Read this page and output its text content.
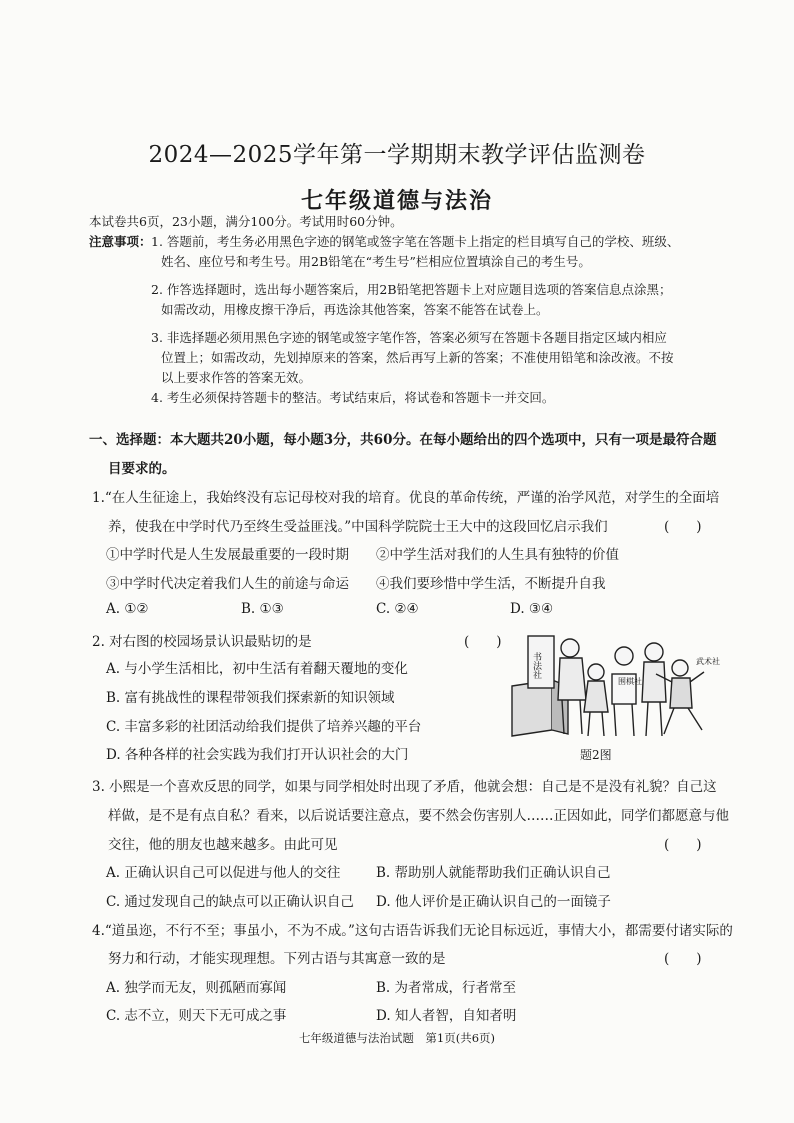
2024—2025学年第一学期期末教学评估监测卷
七年级道德与法治
本试卷共6页，23小题，满分100分。考试用时60分钟。
注意事项： 1. 答题前，考生务必用黑色字迹的钢笔或签字笔在答题卡上指定的栏目填写自己的学校、班级、
姓名、座位号和考生号。用2B铅笔在“考生号”栏相应位置填涂自己的考生号。
2. 作答选择题时，选出每小题答案后，用2B铅笔把答题卡上对应题目选项的答案信息点涂黑；
如需改动，用橡皮擦干净后，再选涂其他答案，答案不能答在试卷上。
3. 非选择题必须用黑色字迹的钢笔或签字笔作答，答案必须写在答题卡各题目指定区域内相应
位置上；如需改动，先划掉原来的答案，然后再写上新的答案；不准使用铅笔和涂改液。不按
以上要求作答的答案无效。
4. 考生必须保持答题卡的整洁。考试结束后，将试卷和答题卡一并交回。
一、选择题：本大题共20小题，每小题3分，共60分。在每小题给出的四个选项中，只有一项是最符合题
目要求的。
1.“在人生征途上，我始终没有忘记母校对我的培育。优良的革命传统，严谨的治学风范，对学生的全面培
养，使我在中学时代乃至终生受益匪浅。”中国科学院院士王大中的这段回忆启示我们	(　　)
①中学时代是人生发展最重要的一段时期 ②中学生活对我们的人生具有独特的价值
③中学时代决定着我们人生的前途与命运 ④我们要珍惜中学生活，不断提升自我
A. ①②	B. ①③	C. ②④	D. ③④
2. 对右图的校园场景认识最贴切的是	(　　)
A. 与小学生活相比，初中生活有着翻天覆地的变化
B. 富有挑战性的课程带领我们探索新的知识领域
C. 丰富多彩的社团活动给我们提供了培养兴趣的平台
D. 各种各样的社会实践为我们打开认识社会的大门
书法社
围棋社
武术社
题2图
3. 小熙是一个喜欢反思的同学，如果与同学相处时出现了矛盾，他就会想：自己是不是没有礼貌？自己这
样做，是不是有点自私？看来，以后说话要注意点，要不然会伤害别人……正因如此，同学们都愿意与他
交往，他的朋友也越来越多。由此可见	(　　)
A. 正确认识自己可以促进与他人的交往	B. 帮助别人就能帮助我们正确认识自己
C. 通过发现自己的缺点可以正确认识自己 D. 他人评价是正确认识自己的一面镜子
4.“道虽迩，不行不至；事虽小，不为不成。”这句古语告诉我们无论目标远近，事情大小，都需要付诸实际的
努力和行动，才能实现理想。下列古语与其寓意一致的是	(　　)
A. 独学而无友，则孤陋而寡闻	B. 为者常成，行者常至
C. 志不立，则天下无可成之事	D. 知人者智，自知者明
七年级道德与法治试题　第1页(共6页)
